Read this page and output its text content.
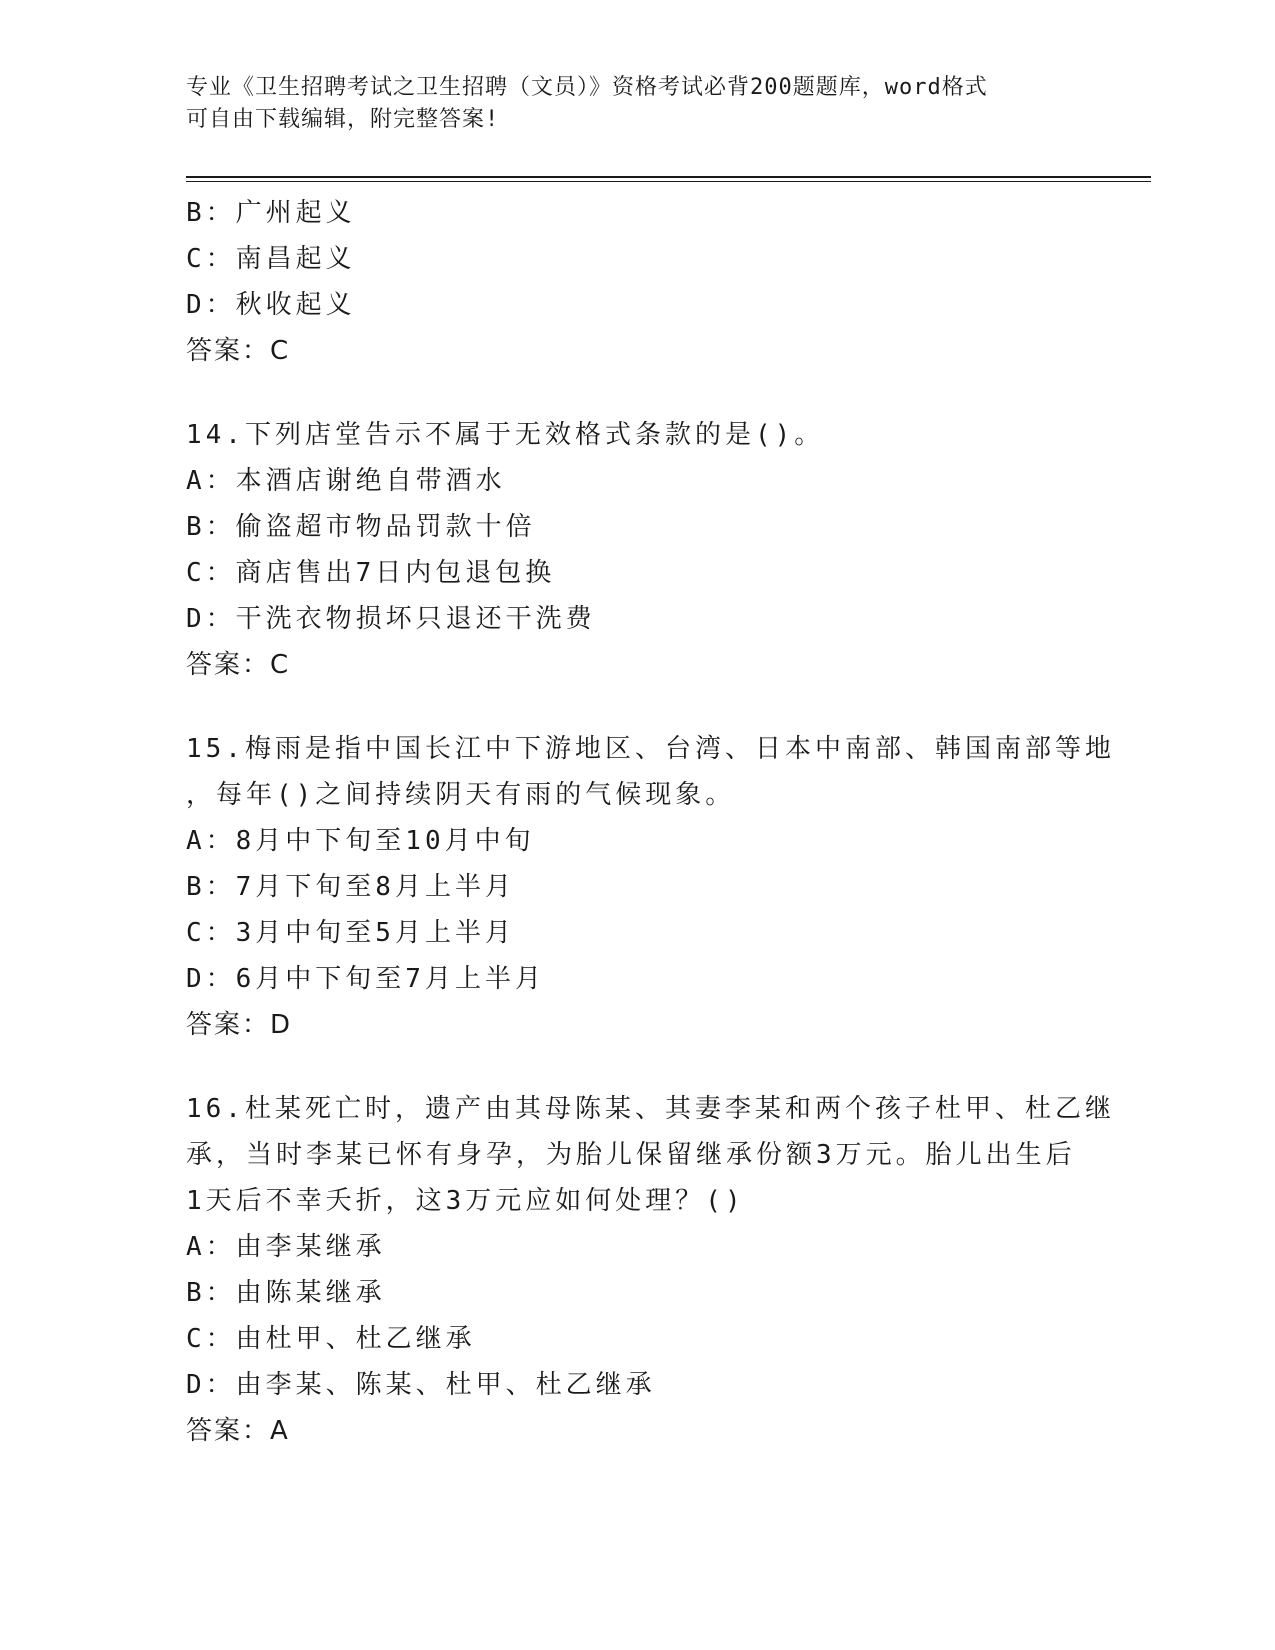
专业《卫生招聘考试之卫生招聘（文员）》资格考试必背200题题库，word格式
可自由下载编辑，附完整答案!
B：广州起义
C：南昌起义
D：秋收起义
答案：C
14.下列店堂告示不属于无效格式条款的是()。
A：本酒店谢绝自带酒水
B：偷盗超市物品罚款十倍
C：商店售出7日内包退包换
D：干洗衣物损坏只退还干洗费
答案：C
15.梅雨是指中国长江中下游地区、台湾、日本中南部、韩国南部等地
，每年()之间持续阴天有雨的气候现象。
A：8月中下旬至10月中旬
B：7月下旬至8月上半月
C：3月中旬至5月上半月
D：6月中下旬至7月上半月
答案：D
16.杜某死亡时，遗产由其母陈某、其妻李某和两个孩子杜甲、杜乙继
承，当时李某已怀有身孕，为胎儿保留继承份额3万元。胎儿出生后
1天后不幸夭折，这3万元应如何处理？()
A：由李某继承
B：由陈某继承
C：由杜甲、杜乙继承
D：由李某、陈某、杜甲、杜乙继承
答案：A
